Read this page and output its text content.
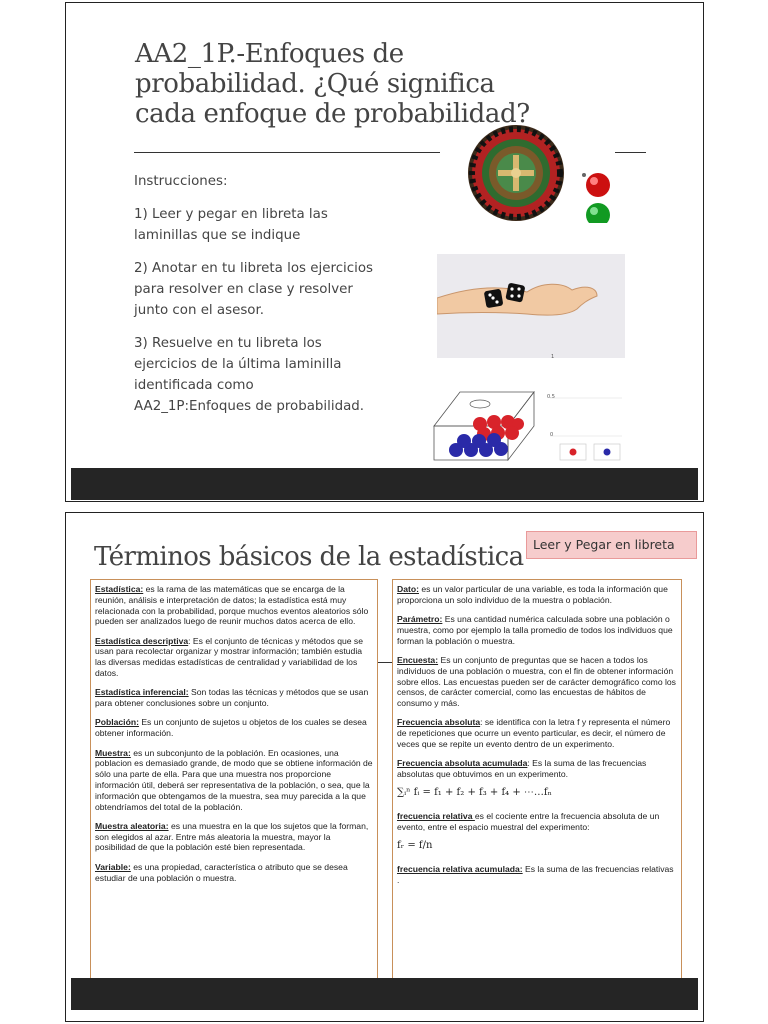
AA2_1P.-Enfoques de probabilidad. ¿Qué significa cada enfoque de probabilidad?

Instrucciones:

1) Leer y pegar en libreta las laminillas que se indique

2) Anotar en tu libreta los ejercicios para resolver en clase y resolver junto con el asesor.

3) Resuelve en tu libreta los ejercicios de la última laminilla identificada como AA2_1P:Enfoques de probabilidad.

1
0.5
0
Términos básicos de la estadística Leer y Pegar en libreta

Estadística: es la rama de las matemáticas que se encarga de la reunión, análisis e interpretación de datos; la estadística está muy relacionada con la probabilidad, porque muchos eventos aleatorios sólo pueden ser analizados luego de reunir muchos datos acerca de ello.

Estadística descriptiva: Es el conjunto de técnicas y métodos que se usan para recolectar organizar y mostrar información; también estudia las diversas medidas estadísticas de centralidad y variabilidad de los datos.

Estadística inferencial: Son todas las técnicas y métodos que se usan para obtener conclusiones sobre un conjunto.

Población: Es un conjunto de sujetos u objetos de los cuales se desea obtener información.

Muestra: es un subconjunto de la población. En ocasiones, una poblacion es demasiado grande, de modo que se obtiene información de sólo una parte de ella. Para que una muestra nos proporcione información útil, deberá ser representativa de la población, o sea, que la información que obtengamos de la muestra, sea muy parecida a la que obtendríamos del total de la población.

Muestra aleatoria: es una muestra en la que los sujetos que la forman, son elegidos al azar. Entre más aleatoria la muestra, mayor la posibilidad de que la población esté bien representada.

Variable: es una propiedad, característica o atributo que se desea estudiar de una población o muestra.

Dato: es un valor particular de una variable, es toda la información que proporciona un solo individuo de la muestra o población.

Parámetro: Es una cantidad numérica calculada sobre una población o muestra, como por ejemplo la talla promedio de todos los individuos que forman la población o muestra.

Encuesta: Es un conjunto de preguntas que se hacen a todos los individuos de una población o muestra, con el fin de obtener información sobre ellos. Las encuestas pueden ser de carácter demográfico como los censos, de carácter comercial, como las encuestas de hábitos de consumo y más.

Frecuencia absoluta: se identifica con la letra f y representa el número de repeticiones que ocurre un evento particular, es decir, el número de veces que se repite un evento dentro de un experimento.

Frecuencia absoluta acumulada: Es la suma de las frecuencias absolutas que obtuvimos en un experimento.

∑ᵢⁿ fᵢ = f₁ + f₂ + f₃ + f₄ + ⋯…fₙ

frecuencia relativa es el cociente entre la frecuencia absoluta de un evento, entre el espacio muestral del experimento:

fᵣ = f/n

frecuencia relativa acumulada: Es la suma de las frecuencias relativas .
